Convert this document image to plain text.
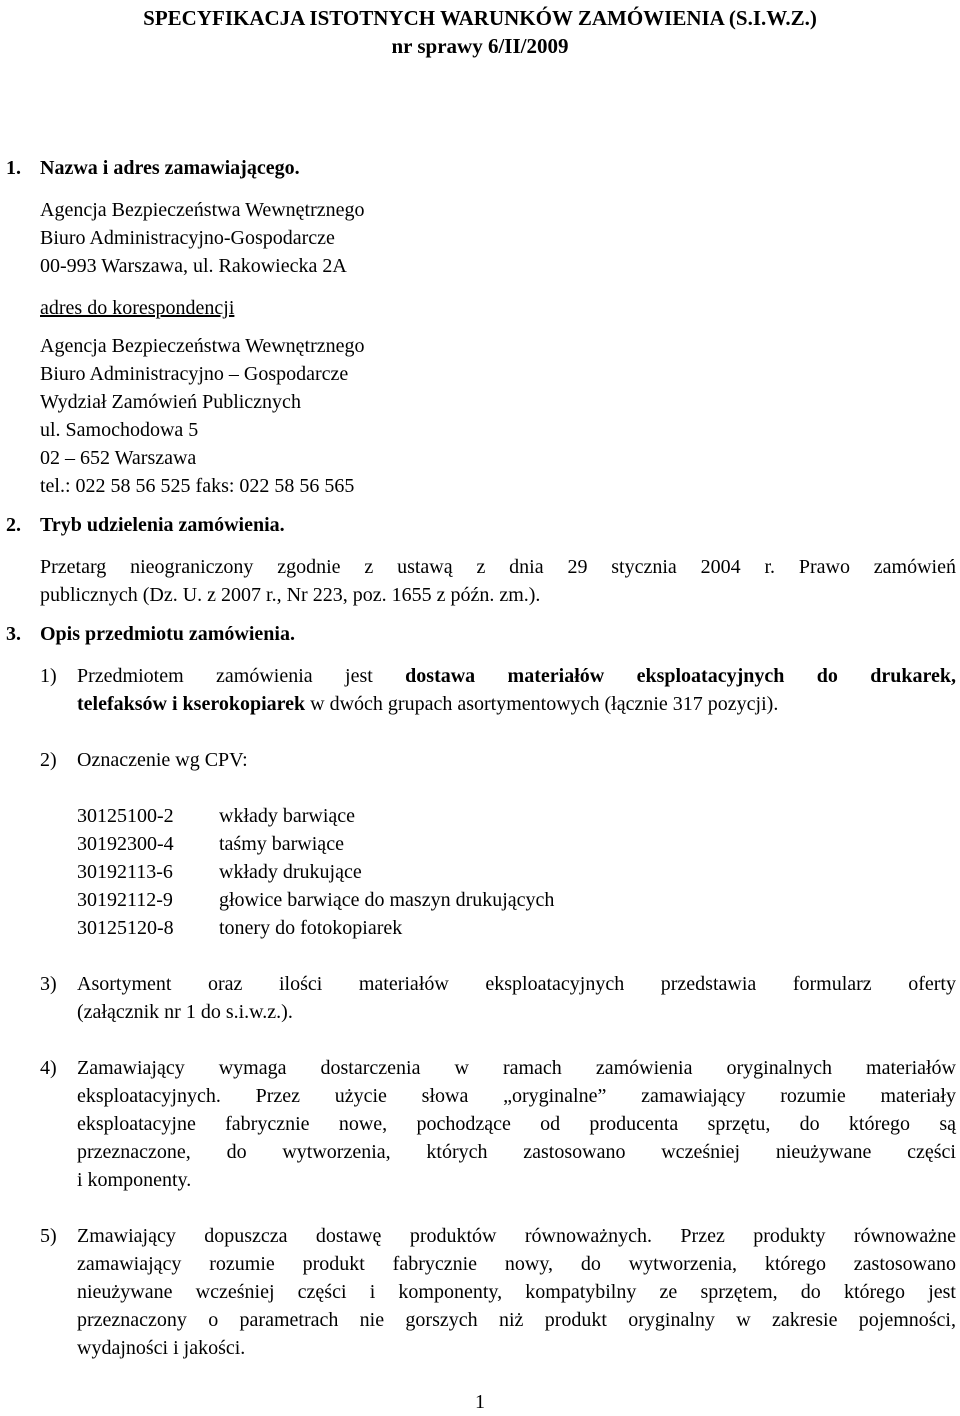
SPECYFIKACJA ISTOTNYCH WARUNKÓW ZAMÓWIENIA (S.I.W.Z.)
nr sprawy 6/II/2009
1. Nazwa i adres zamawiającego.
Agencja Bezpieczeństwa Wewnętrznego
Biuro Administracyjno-Gospodarcze
00-993 Warszawa, ul. Rakowiecka 2A
adres do korespondencji
Agencja Bezpieczeństwa Wewnętrznego
Biuro Administracyjno – Gospodarcze
Wydział Zamówień Publicznych
ul. Samochodowa 5
02 – 652 Warszawa
tel.: 022 58 56 525 faks: 022 58 56 565
2. Tryb udzielenia zamówienia.
Przetarg nieograniczony zgodnie z ustawą z dnia 29 stycznia 2004 r. Prawo zamówień
publicznych (Dz. U. z 2007 r., Nr 223, poz. 1655 z późn. zm.).
3. Opis przedmiotu zamówienia.
1) Przedmiotem zamówienia jest dostawa materiałów eksploatacyjnych do drukarek,
telefaksów i kserokopiarek w dwóch grupach asortymentowych (łącznie 317 pozycji).
2) Oznaczenie wg CPV:
30125100-2 wkłady barwiące
30192300-4 taśmy barwiące
30192113-6 wkłady drukujące
30192112-9 głowice barwiące do maszyn drukujących
30125120-8 tonery do fotokopiarek
3) Asortyment oraz ilości materiałów eksploatacyjnych przedstawia formularz oferty
(załącznik nr 1 do s.i.w.z.).
4) Zamawiający wymaga dostarczenia w ramach zamówienia oryginalnych materiałów
eksploatacyjnych. Przez użycie słowa „oryginalne” zamawiający rozumie materiały
eksploatacyjne fabrycznie nowe, pochodzące od producenta sprzętu, do którego są
przeznaczone, do wytworzenia, których zastosowano wcześniej nieużywane części
i komponenty.
5) Zmawiający dopuszcza dostawę produktów równoważnych. Przez produkty równoważne
zamawiający rozumie produkt fabrycznie nowy, do wytworzenia, którego zastosowano
nieużywane wcześniej części i komponenty, kompatybilny ze sprzętem, do którego jest
przeznaczony o parametrach nie gorszych niż produkt oryginalny w zakresie pojemności,
wydajności i jakości.
1
